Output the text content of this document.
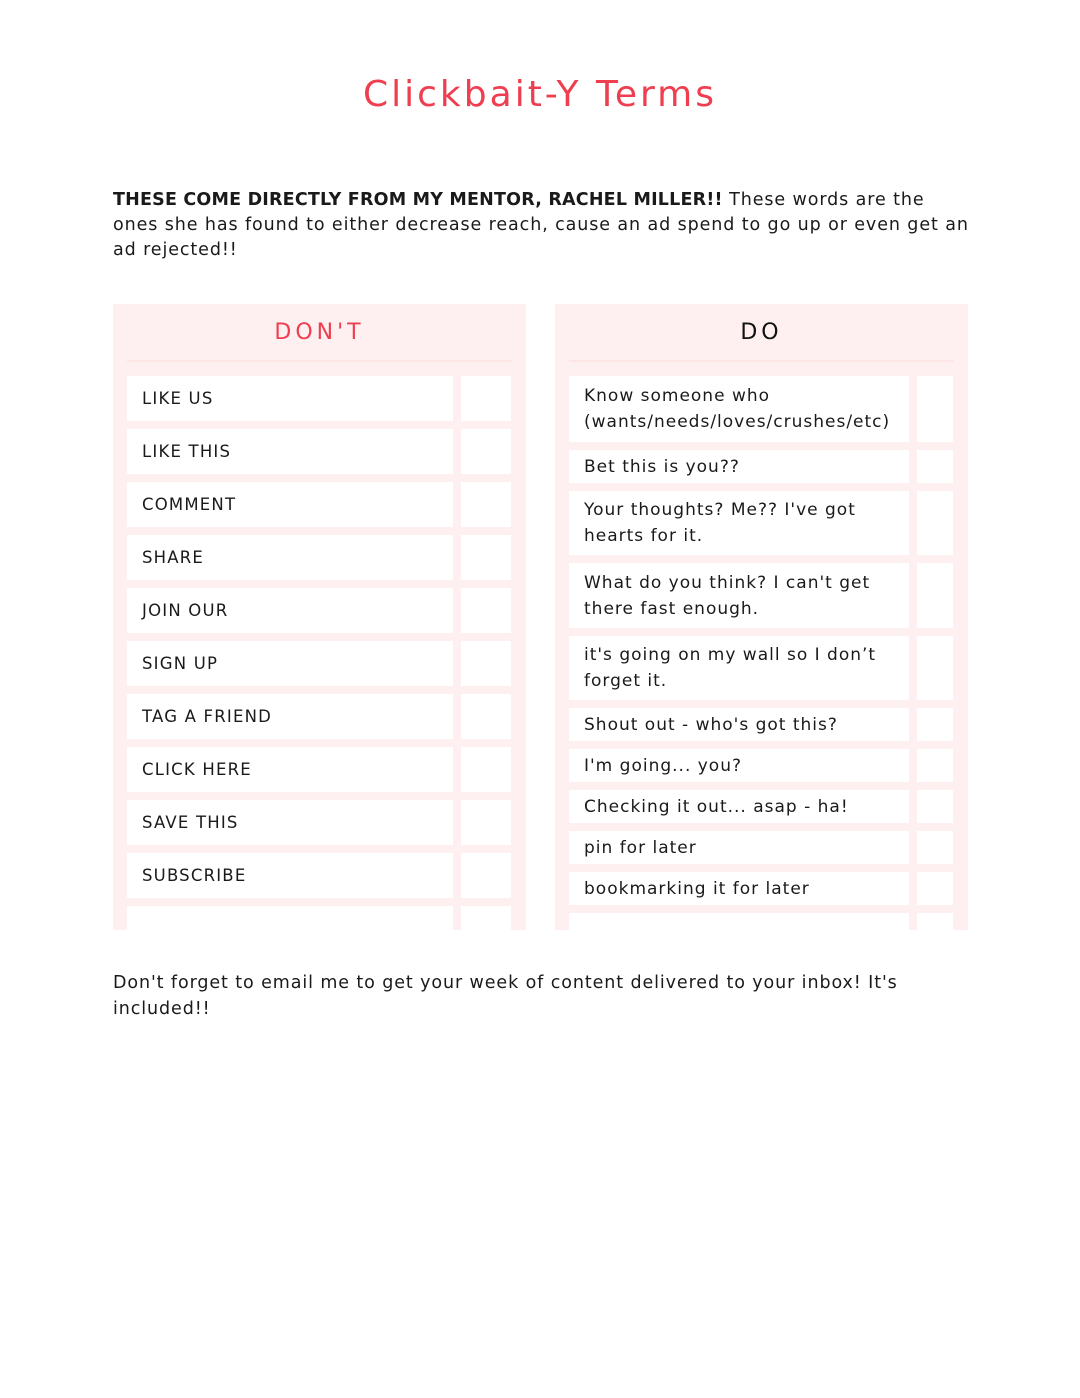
Clickbait-Y Terms

THESE COME DIRECTLY FROM MY MENTOR, RACHEL MILLER!! These words are the ones she has found to either decrease reach, cause an ad spend to go up or even get an ad rejected!!

DON'T
LIKE US
LIKE THIS
COMMENT
SHARE
JOIN OUR
SIGN UP
TAG A FRIEND
CLICK HERE
SAVE THIS
SUBSCRIBE
DO
Know someone who (wants/needs/loves/crushes/etc)
Bet this is you??
Your thoughts? Me?? I've got hearts for it.
What do you think? I can't get there fast enough.
it's going on my wall so I don’t forget it.
Shout out - who's got this?
I'm going... you?
Checking it out... asap - ha!
pin for later
bookmarking it for later

Don't forget to email me to get your week of content delivered to your inbox! It's included!!
